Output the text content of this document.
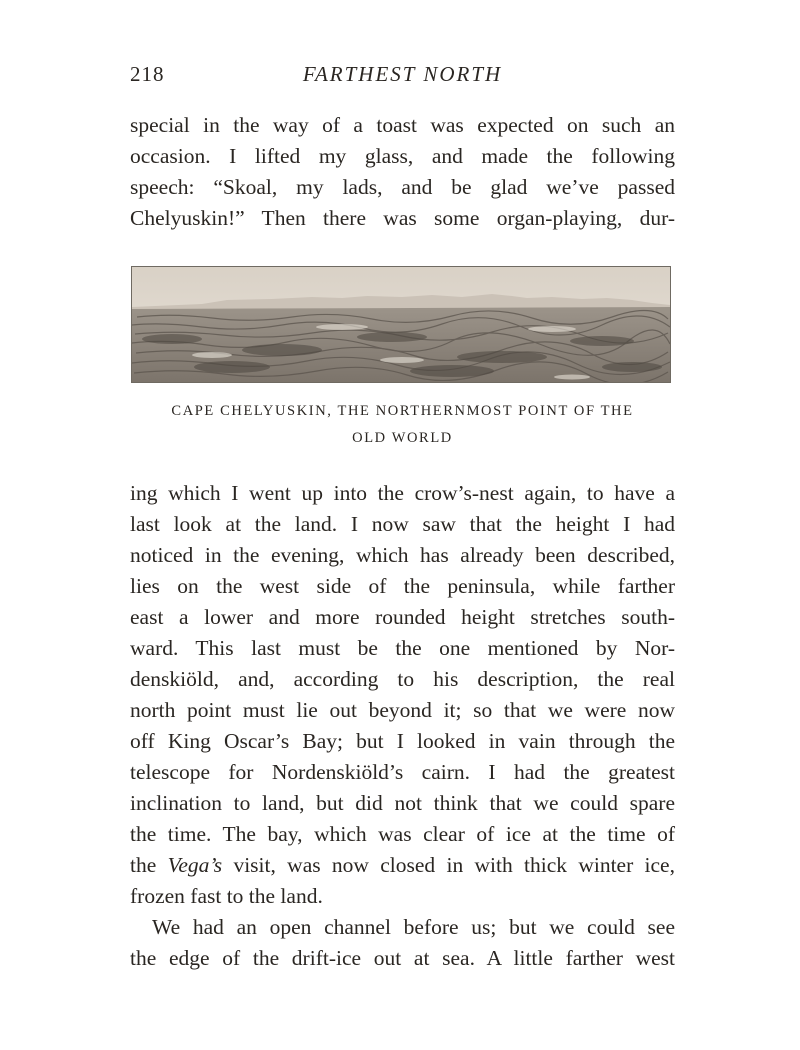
218	FARTHEST NORTH
special in the way of a toast was expected on such an
occasion. I lifted my glass, and made the following
speech: “Skoal, my lads, and be glad we’ve passed
Chelyuskin!” Then there was some organ-playing, dur-
CAPE CHELYUSKIN, THE NORTHERNMOST POINT OF THE
OLD WORLD
ing which I went up into the crow’s-nest again, to have a
last look at the land. I now saw that the height I had
noticed in the evening, which has already been described,
lies on the west side of the peninsula, while farther
east a lower and more rounded height stretches south-
ward. This last must be the one mentioned by Nor-
denskiöld, and, according to his description, the real
north point must lie out beyond it; so that we were now
off King Oscar’s Bay; but I looked in vain through the
telescope for Nordenskiöld’s cairn. I had the greatest
inclination to land, but did not think that we could spare
the time. The bay, which was clear of ice at the time of
the Vega’s visit, was now closed in with thick winter ice,
frozen fast to the land.
We had an open channel before us; but we could see
the edge of the drift-ice out at sea. A little farther west
